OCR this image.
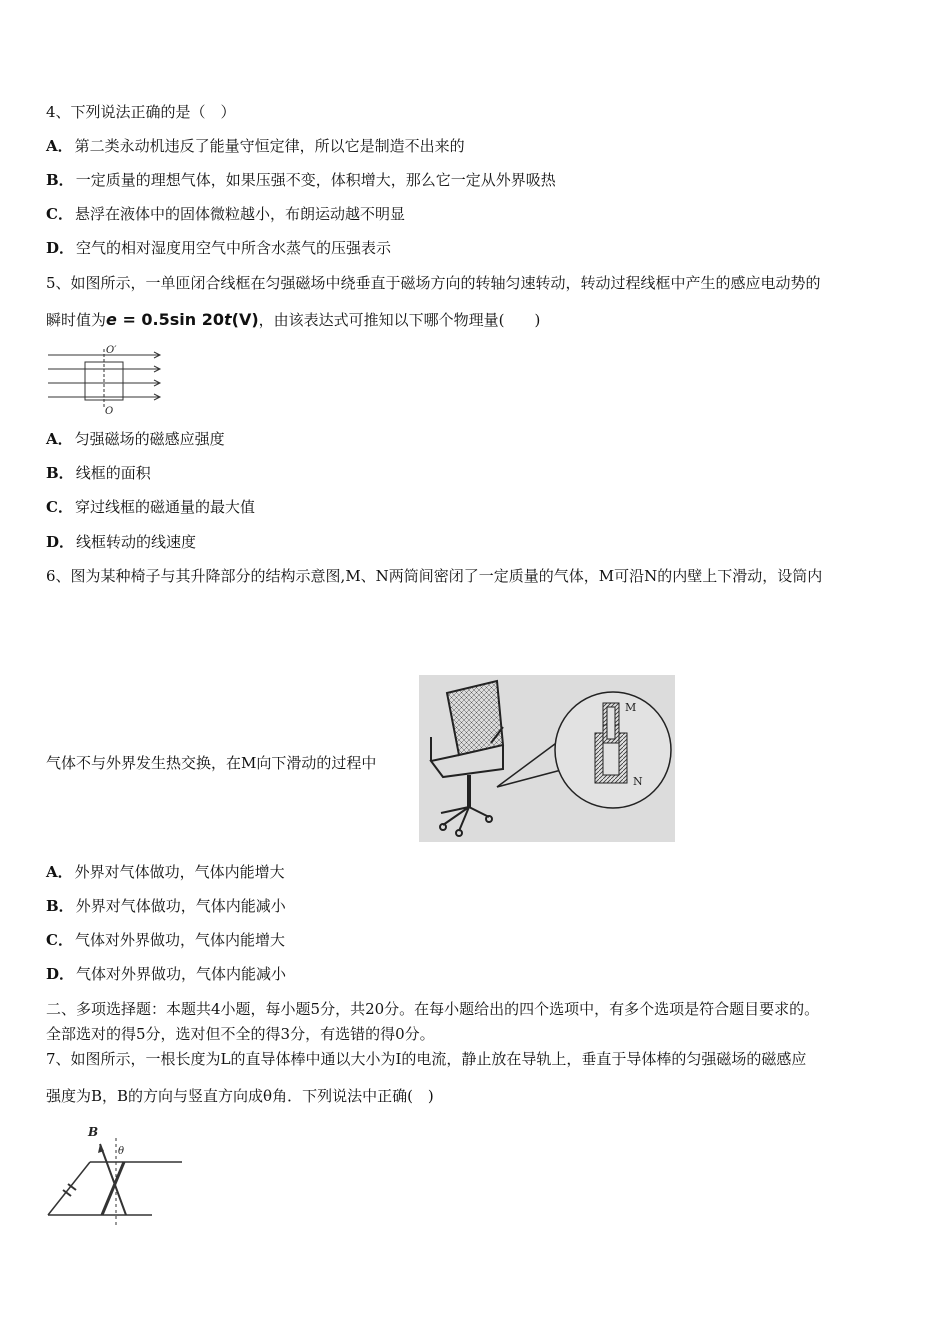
4、下列说法正确的是（　）
A． 第二类永动机违反了能量守恒定律，所以它是制造不出来的
B． 一定质量的理想气体，如果压强不变，体积增大，那么它一定从外界吸热
C． 悬浮在液体中的固体微粒越小，布朗运动越不明显
D． 空气的相对湿度用空气中所含水蒸气的压强表示
5、如图所示，一单匝闭合线框在匀强磁场中绕垂直于磁场方向的转轴匀速转动，转动过程线框中产生的感应电动势的
瞬时值为e = 0.5sin 20t(V)，由该表达式可推知以下哪个物理量(　　)
O′
O
A． 匀强磁场的磁感应强度
B． 线框的面积
C． 穿过线框的磁通量的最大值
D． 线框转动的线速度
6、图为某种椅子与其升降部分的结构示意图,M、N两筒间密闭了一定质量的气体，M可沿N的内壁上下滑动，设筒内
气体不与外界发生热交换，在M向下滑动的过程中
M
N
A． 外界对气体做功，气体内能增大
B． 外界对气体做功，气体内能减小
C． 气体对外界做功，气体内能增大
D． 气体对外界做功，气体内能减小
二、多项选择题：本题共4小题，每小题5分，共20分。在每小题给出的四个选项中，有多个选项是符合题目要求的。
全部选对的得5分，选对但不全的得3分，有选错的得0分。
7、如图所示，一根长度为L的直导体棒中通以大小为I的电流，静止放在导轨上，垂直于导体棒的匀强磁场的磁感应
强度为B，B的方向与竖直方向成θ角．下列说法中正确(　)
B
θ
